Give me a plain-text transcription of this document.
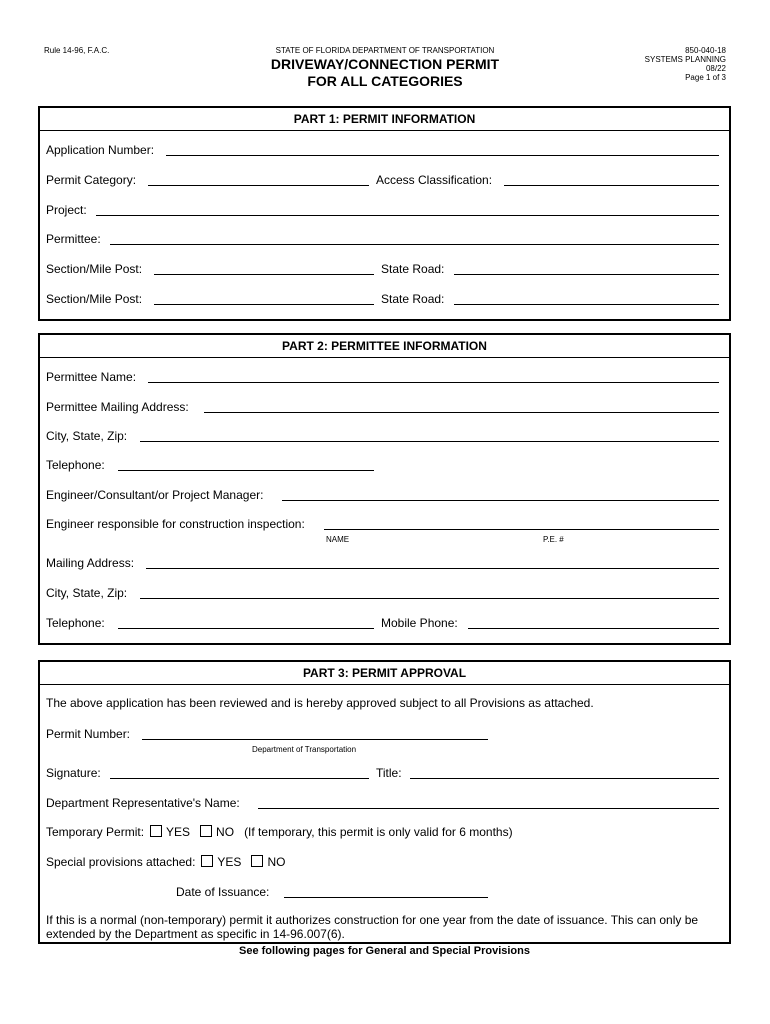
Rule 14-96, F.A.C.	STATE OF FLORIDA DEPARTMENT OF TRANSPORTATION
DRIVEWAY/CONNECTION PERMIT
FOR ALL CATEGORIES
850-040-18
SYSTEMS PLANNING
08/22
Page 1 of 3
PART 1: PERMIT INFORMATION
Application Number:
Permit Category:	Access Classification:
Project:
Permittee:
Section/Mile Post:	State Road:
Section/Mile Post:	State Road:
PART 2: PERMITTEE INFORMATION
Permittee Name:
Permittee Mailing Address:
City, State, Zip:
Telephone:
Engineer/Consultant/or Project Manager:
Engineer responsible for construction inspection:
NAME	P.E. #
Mailing Address:
City, State, Zip:
Telephone:	Mobile Phone:
PART 3: PERMIT APPROVAL
The above application has been reviewed and is hereby approved subject to all Provisions as attached.
Permit Number:
Department of Transportation
Signature:	Title:
Department Representative's Name:
Temporary Permit: YES NO (If temporary, this permit is only valid for 6 months)
Special provisions attached: YES NO
Date of Issuance:
If this is a normal (non-temporary) permit it authorizes construction for one year from the date of issuance. This can only be extended by the Department as specific in 14-96.007(6).
See following pages for General and Special Provisions
